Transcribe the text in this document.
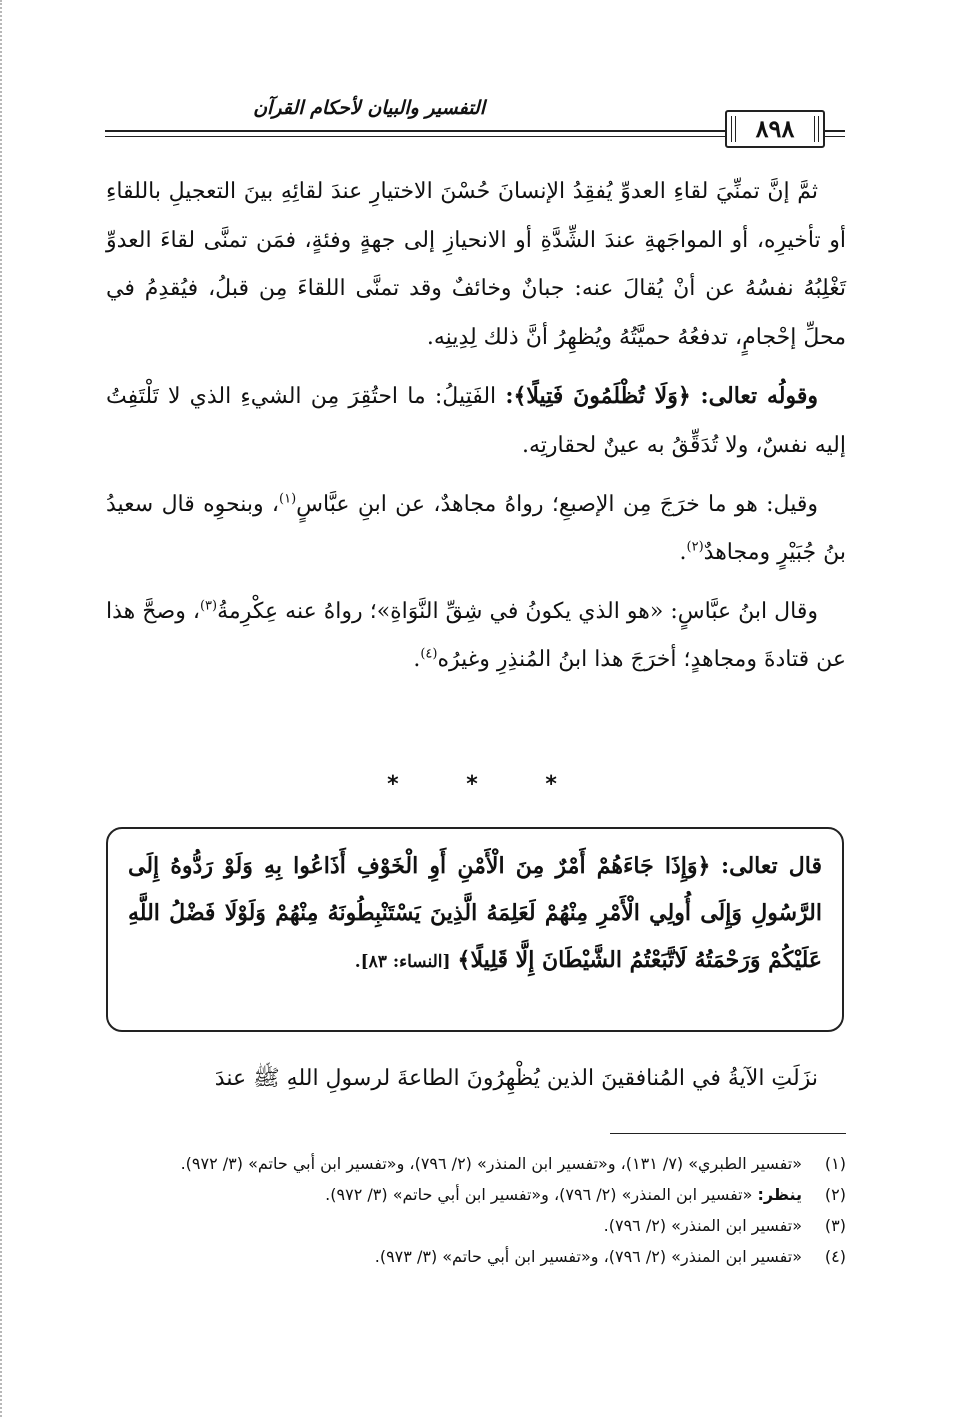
التفسير والبيان لأحكام القرآن
٨٩٨

ثمَّ إنَّ تمنِّيَ لقاءِ العدوِّ يُفقِدُ الإنسانَ حُسْنَ الاختيارِ عندَ لقائِهِ بينَ التعجيلِ باللقاءِ أو تأخيرِه، أو المواجَهةِ عندَ الشِّدَّةِ أو الانحيازِ إلى جهةٍ وفئةٍ، فمَن تمنَّى لقاءَ العدوِّ تَغْلِبُهُ نفسُهُ عن أنْ يُقالَ عنه: جبانٌ وخائفٌ وقد تمنَّى اللقاءَ مِن قبلُ، فيُقدِمُ في محلِّ إحْجامٍ، تدفعُهُ حميَّتُهُ ويُظهِرُ أنَّ ذلك لِدِينِه.

وقولُه تعالى: ﴿وَلَا تُظْلَمُونَ فَتِيلًا﴾: الفَتِيلُ: ما احتُقِرَ مِن الشيءِ الذي لا تَلْتَفِتُ إليه نفسٌ، ولا تُدَقِّقُ به عينٌ لحقارتِه.

وقيل: هو ما خرَجَ مِن الإصبعِ؛ رواهُ مجاهدٌ، عن ابنِ عبَّاسٍ$^{(١)}$، وبنحوِه قال سعيدُ بنُ جُبَيْرٍ ومجاهدٌ$^{(٢)}$.

وقال ابنُ عبَّاسٍ: «هو الذي يكونُ في شِقِّ النَّوَاةِ»؛ رواهُ عنه عِكْرِمةُ$^{(٣)}$، وصحَّ هذا عن قتادةَ ومجاهدٍ؛ أخرَجَ هذا ابنُ المُنذِرِ وغيرُه$^{(٤)}$.

* * *
قال تعالى: ﴿وَإِذَا جَاءَهُمْ أَمْرٌ مِنَ الْأَمْنِ أَوِ الْخَوْفِ أَذَاعُوا بِهِ وَلَوْ رَدُّوهُ إِلَى الرَّسُولِ وَإِلَى أُولِي الْأَمْرِ مِنْهُمْ لَعَلِمَهُ الَّذِينَ يَسْتَنْبِطُونَهُ مِنْهُمْ وَلَوْلَا فَضْلُ اللَّهِ عَلَيْكُمْ وَرَحْمَتُهُ لَاتَّبَعْتُمُ الشَّيْطَانَ إِلَّا قَلِيلًا﴾ [النساء: ٨٣].
نزَلَتِ الآيةُ في المُنافقينَ الذين يُظْهِرُونَ الطاعةَ لرسولِ اللهِ ﷺ عندَ
(١)
«تفسير الطبري» (٧/ ١٣١)، و«تفسير ابن المنذر» (٢/ ٧٩٦)، و«تفسير ابن أبي حاتم» (٣/ ٩٧٢).
(٢)
ينظر: «تفسير ابن المنذر» (٢/ ٧٩٦)، و«تفسير ابن أبي حاتم» (٣/ ٩٧٢).
(٣)
«تفسير ابن المنذر» (٢/ ٧٩٦).
(٤)
«تفسير ابن المنذر» (٢/ ٧٩٦)، و«تفسير ابن أبي حاتم» (٣/ ٩٧٣).
